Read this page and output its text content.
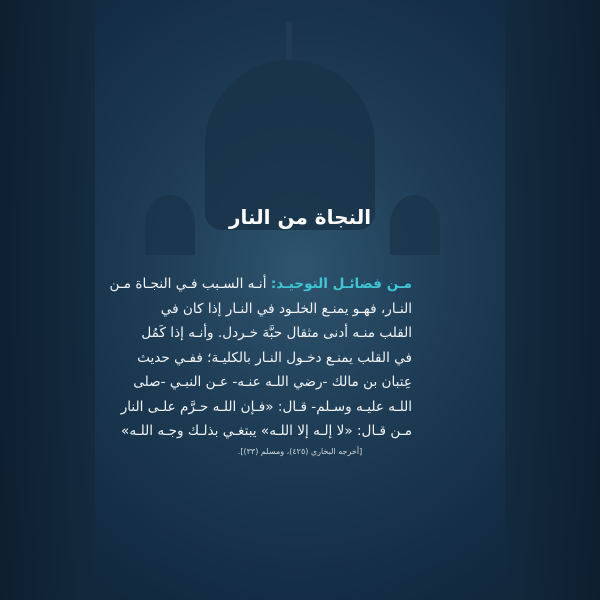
النجاة من النار
مـن فضائـل التوحيـد: أنـه السـبب فـي النجـاة مـن
النـار، فهـو يمنـع الخلـود في النـار إذا كان في
القلب منـه أدنى مثقال حبَّة خـردل. وأنـه إذا كَمُل
في القلب يمنـع دخـول النـار بالكليـة؛ ففـي حديث
عِتبان بن مالك -رضي اللـه عنـه- عـن النبـي -صلى
اللـه عليـه وسـلم- قـال: «فـإن اللـه حـرَّم علـى النار
مـن قـال: «لا إلـه إلا اللـه» يبتغـي بذلـك وجـه اللـه»
[أخرجه البخاري (٤٢٥)، ومسلم (٣٣)].
